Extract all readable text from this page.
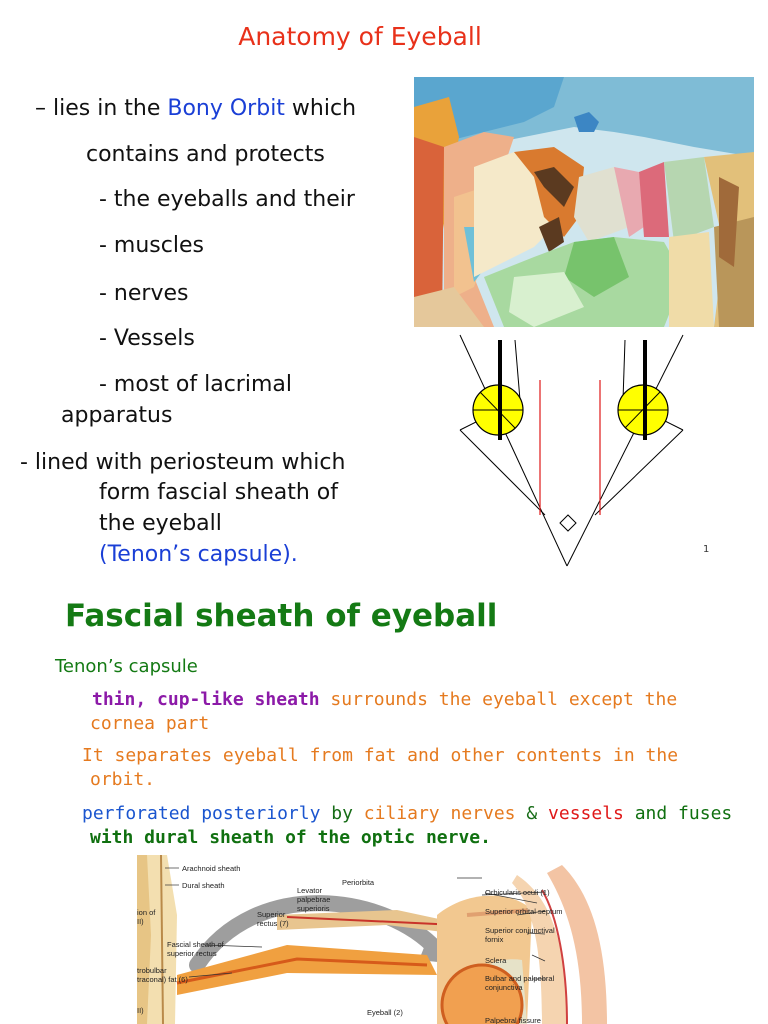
Anatomy of Eyeball
– lies in the Bony Orbit which
contains and protects
- the eyeballs and their
- muscles
- nerves
- Vessels
- most of lacrimal
apparatus
- lined with periosteum which
form fascial sheath of
the eyeball
(Tenon’s capsule).	1
Fascial sheath of eyeball
Tenon’s capsule
thin, cup-like sheath surrounds the eyeball except the
cornea part
It separates eyeball from fat and other contents in the
orbit.
perforated posteriorly by ciliary nerves & vessels and fuses
with dural sheath of the optic nerve.
Arachnoid sheath
Dural sheath
Levator
palpebrae
superioris
Periorbita
Orbicularis oculi (1)
Superior orbital septum
Superior conjunctival
fornix
Sclera
Bulbar and palpebral
conjunctiva
Superior
rectus (7)
Fascial sheath of
superior rectus
ion of
II)
trobulbar
traconal) fat (6)
II)	Eyeball (2)
Palpebral fissure
